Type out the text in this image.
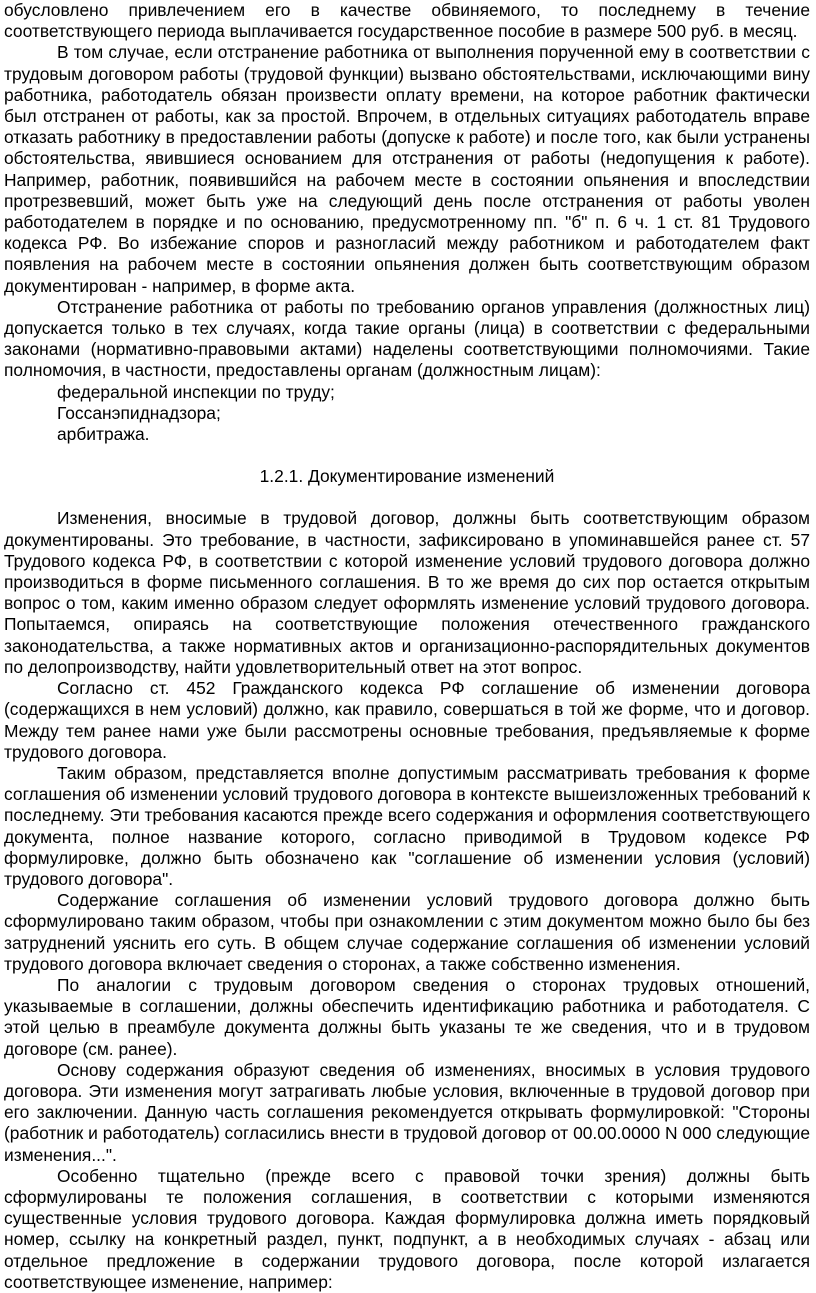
обусловлено привлечением его в качестве обвиняемого, то последнему в течение соответствующего периода выплачивается государственное пособие в размере 500 руб. в месяц.

В том случае, если отстранение работника от выполнения порученной ему в соответствии с трудовым договором работы (трудовой функции) вызвано обстоятельствами, исключающими вину работника, работодатель обязан произвести оплату времени, на которое работник фактически был отстранен от работы, как за простой. Впрочем, в отдельных ситуациях работодатель вправе отказать работнику в предоставлении работы (допуске к работе) и после того, как были устранены обстоятельства, явившиеся основанием для отстранения от работы (недопущения к работе). Например, работник, появившийся на рабочем месте в состоянии опьянения и впоследствии протрезвевший, может быть уже на следующий день после отстранения от работы уволен работодателем в порядке и по основанию, предусмотренному пп. "б" п. 6 ч. 1 ст. 81 Трудового кодекса РФ. Во избежание споров и разногласий между работником и работодателем факт появления на рабочем месте в состоянии опьянения должен быть соответствующим образом документирован - например, в форме акта.

Отстранение работника от работы по требованию органов управления (должностных лиц) допускается только в тех случаях, когда такие органы (лица) в соответствии с федеральными законами (нормативно-правовыми актами) наделены соответствующими полномочиями. Такие полномочия, в частности, предоставлены органам (должностным лицам):

федеральной инспекции по труду;

Госсанэпиднадзора;

арбитража.

1.2.1. Документирование изменений

Изменения, вносимые в трудовой договор, должны быть соответствующим образом документированы. Это требование, в частности, зафиксировано в упоминавшейся ранее ст. 57 Трудового кодекса РФ, в соответствии с которой изменение условий трудового договора должно производиться в форме письменного соглашения. В то же время до сих пор остается открытым вопрос о том, каким именно образом следует оформлять изменение условий трудового договора. Попытаемся, опираясь на соответствующие положения отечественного гражданского законодательства, а также нормативных актов и организационно-распорядительных документов по делопроизводству, найти удовлетворительный ответ на этот вопрос.

Согласно ст. 452 Гражданского кодекса РФ соглашение об изменении договора (содержащихся в нем условий) должно, как правило, совершаться в той же форме, что и договор. Между тем ранее нами уже были рассмотрены основные требования, предъявляемые к форме трудового договора.

Таким образом, представляется вполне допустимым рассматривать требования к форме соглашения об изменении условий трудового договора в контексте вышеизложенных требований к последнему. Эти требования касаются прежде всего содержания и оформления соответствующего документа, полное название которого, согласно приводимой в Трудовом кодексе РФ формулировке, должно быть обозначено как "соглашение об изменении условия (условий) трудового договора".

Содержание соглашения об изменении условий трудового договора должно быть сформулировано таким образом, чтобы при ознакомлении с этим документом можно было бы без затруднений уяснить его суть. В общем случае содержание соглашения об изменении условий трудового договора включает сведения о сторонах, а также собственно изменения.

По аналогии с трудовым договором сведения о сторонах трудовых отношений, указываемые в соглашении, должны обеспечить идентификацию работника и работодателя. С этой целью в преамбуле документа должны быть указаны те же сведения, что и в трудовом договоре (см. ранее).

Основу содержания образуют сведения об изменениях, вносимых в условия трудового договора. Эти изменения могут затрагивать любые условия, включенные в трудовой договор при его заключении. Данную часть соглашения рекомендуется открывать формулировкой: "Стороны (работник и работодатель) согласились внести в трудовой договор от 00.00.0000 N 000 следующие изменения...".

Особенно тщательно (прежде всего с правовой точки зрения) должны быть сформулированы те положения соглашения, в соответствии с которыми изменяются существенные условия трудового договора. Каждая формулировка должна иметь порядковый номер, ссылку на конкретный раздел, пункт, подпункт, а в необходимых случаях - абзац или отдельное предложение в содержании трудового договора, после которой излагается соответствующее изменение, например:
